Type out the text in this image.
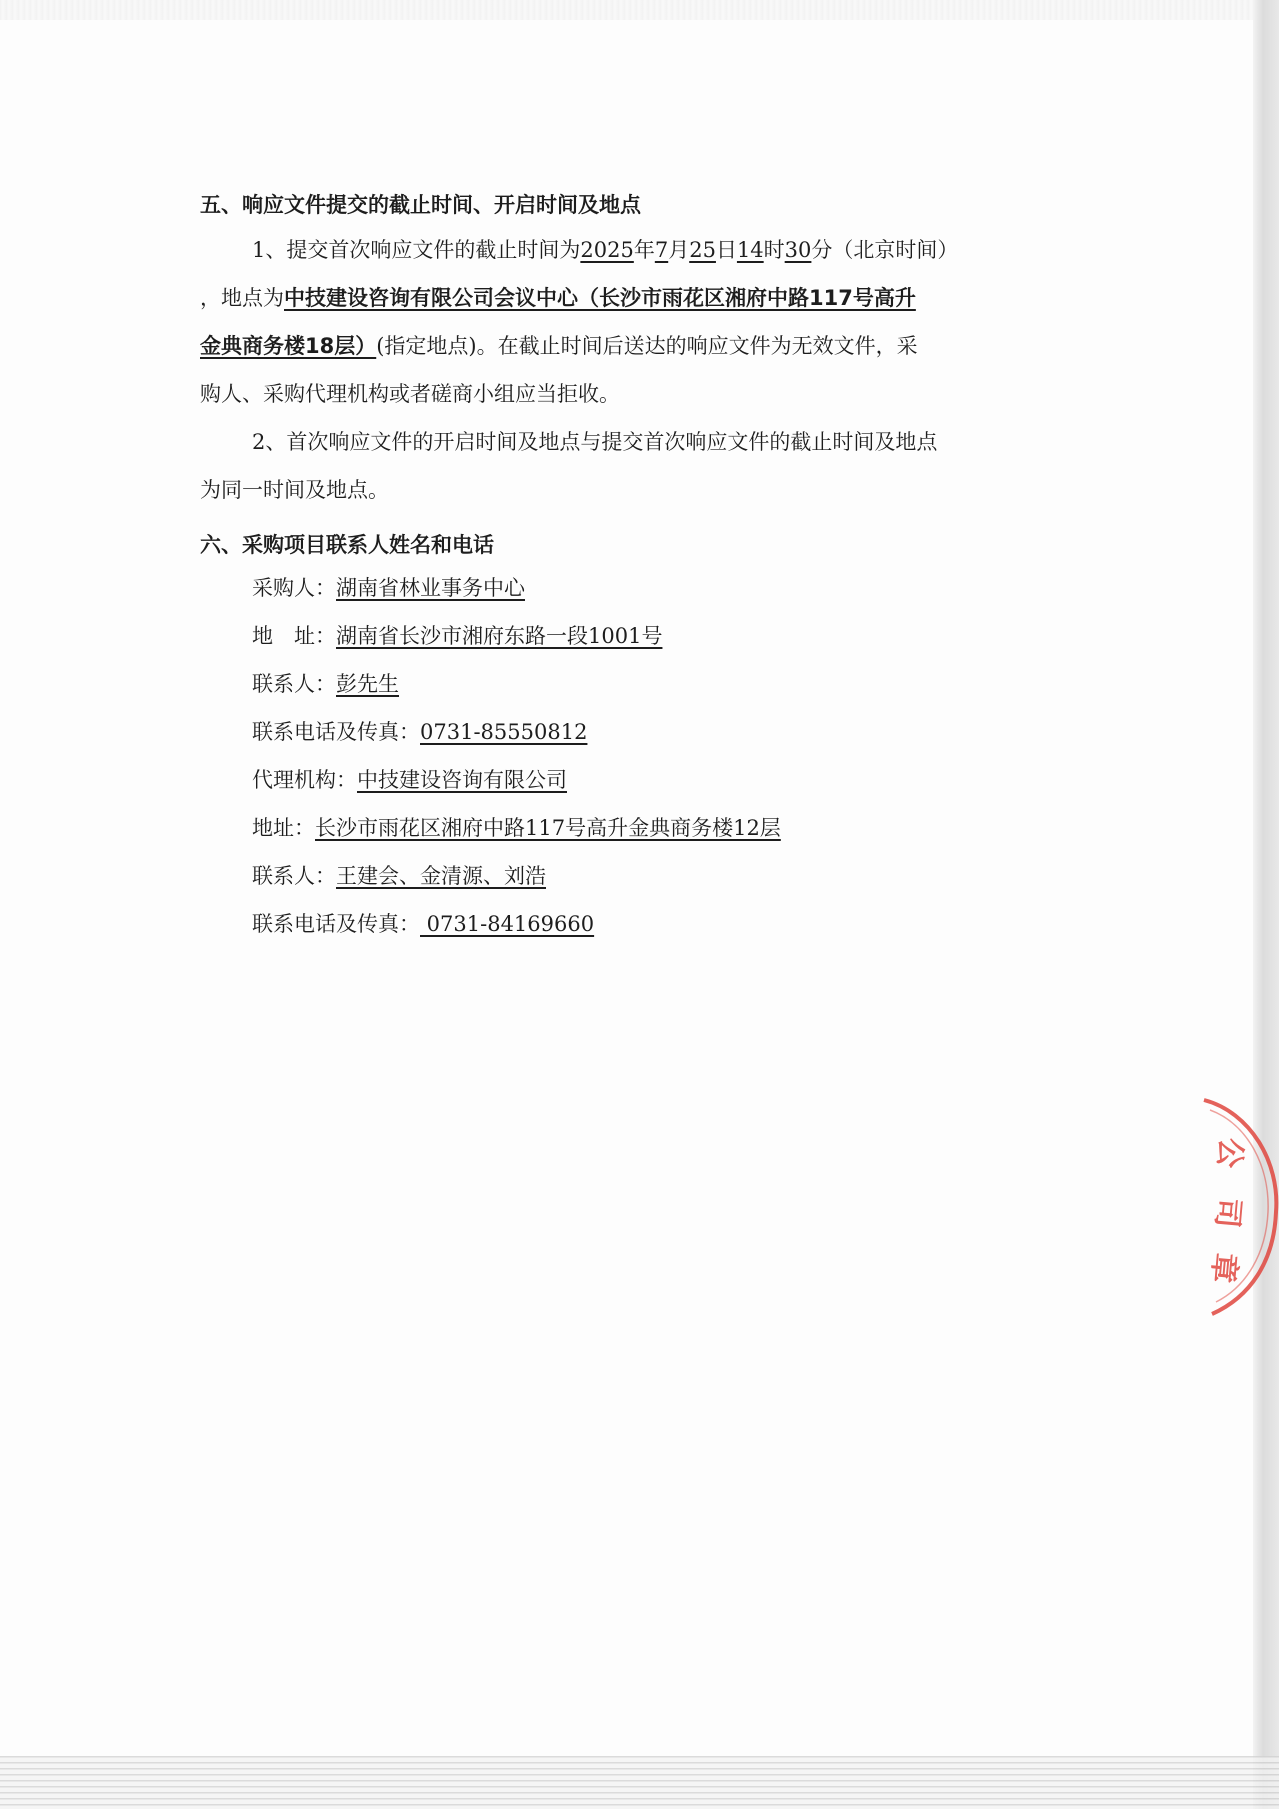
五、响应文件提交的截止时间、开启时间及地点
1、提交首次响应文件的截止时间为2025年7月25日14时30分（北京时间）
，地点为中技建设咨询有限公司会议中心（长沙市雨花区湘府中路117号高升
金典商务楼18层）(指定地点)。在截止时间后送达的响应文件为无效文件，采
购人、采购代理机构或者磋商小组应当拒收。
2、首次响应文件的开启时间及地点与提交首次响应文件的截止时间及地点
为同一时间及地点。
六、采购项目联系人姓名和电话
采购人：湖南省林业事务中心
地　址：湖南省长沙市湘府东路一段1001号
联系人：彭先生
联系电话及传真：0731-85550812
代理机构：中技建设咨询有限公司
地址：长沙市雨花区湘府中路117号高升金典商务楼12层
联系人：王建会、金清源、刘浩
联系电话及传真： 0731-84169660
公
司
章
